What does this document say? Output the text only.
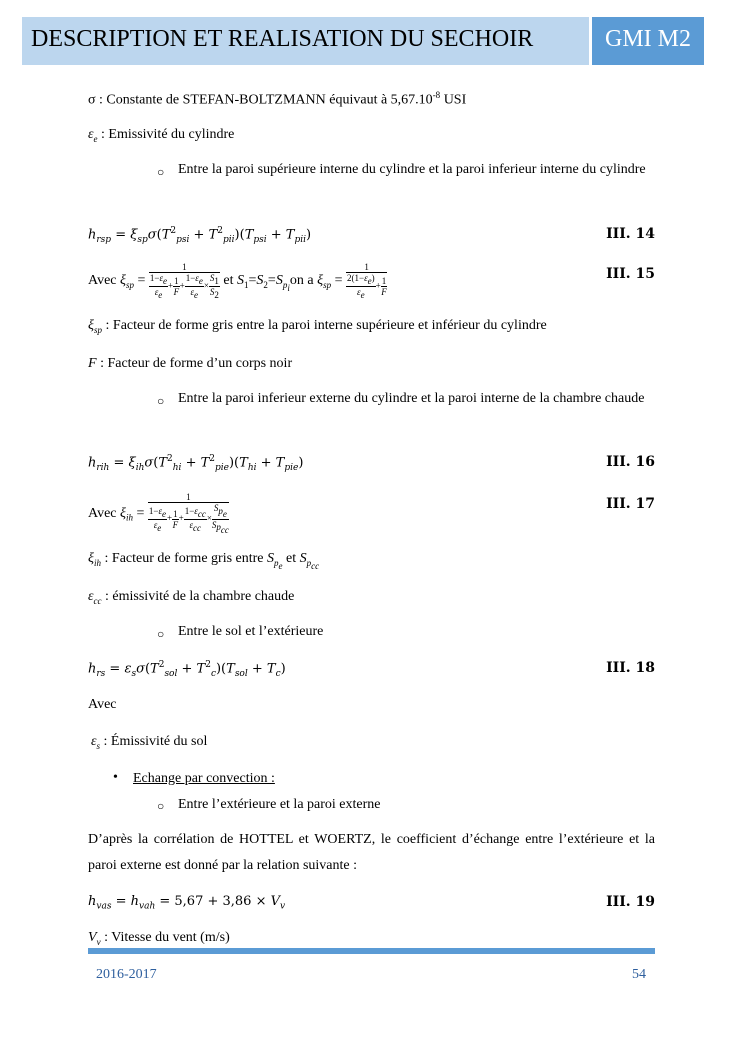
DESCRIPTION ET REALISATION DU SECHOIR	GMI M2
σ : Constante de STEFAN-BOLTZMANN équivaut à $5,67.10^{-8}$ USI
$\varepsilon_e$ : Emissivité du cylindre
○ Entre la paroi supérieure interne du cylindre et la paroi inferieur interne du cylindre
$h_{rsp} = \xi_{sp}\sigma(T^2_{psi} + T^2_{pii})(T_{psi} + T_{pii})$	III. 14
Avec $\xi_{sp} = \frac{1}{\frac{1-\varepsilon_e}{\varepsilon_e} + \frac{1}{F} + \frac{1-\varepsilon_e}{\varepsilon_e} \times \frac{S_1}{S_2}}$ et $S_1=S_2=S_{p_i}on$ a $\xi_{sp} = \frac{1}{\frac{2(1-\varepsilon_e)}{\varepsilon_e} + \frac{1}{F}}$	III. 15
$\xi_{sp}$ : Facteur de forme gris entre la paroi interne supérieure et inférieur du cylindre
F : Facteur de forme d’un corps noir
○ Entre la paroi inferieur externe du cylindre et la paroi interne de la chambre chaude
$h_{rih} = \xi_{ih}\sigma(T^2_{hi} + T^2_{pie})(T_{hi} + T_{pie})$	III. 16
Avec $\xi_{ih} = \frac{1}{\frac{1-\varepsilon_e}{\varepsilon_e} + \frac{1}{F} + \frac{1-\varepsilon_{cc}}{\varepsilon_{cc}} \times \frac{S_{p_e}}{S_{p_{cc}}}}$	III. 17
$\xi_{ih}$ : Facteur de forme gris entre $S_{p_e}$ et $S_{p_{cc}}$
$\varepsilon_{cc}$ : émissivité de la chambre chaude
○ Entre le sol et l’extérieure
$h_{rs} = \varepsilon_s\sigma(T^2_{sol} + T^2_c)(T_{sol} + T_c)$	III. 18
Avec
$\varepsilon_s$ : Émissivité du sol
• Echange par convection :
○ Entre l’extérieure et la paroi externe
D’après la corrélation de HOTTEL et WOERTZ, le coefficient d’échange entre l’extérieure et la paroi externe est donné par la relation suivante :
$h_{vas} = h_{vah} = 5,67 + 3,86 \times V_v$	III. 19
$V_v$ : Vitesse du vent (m/s)
2016-2017	54
